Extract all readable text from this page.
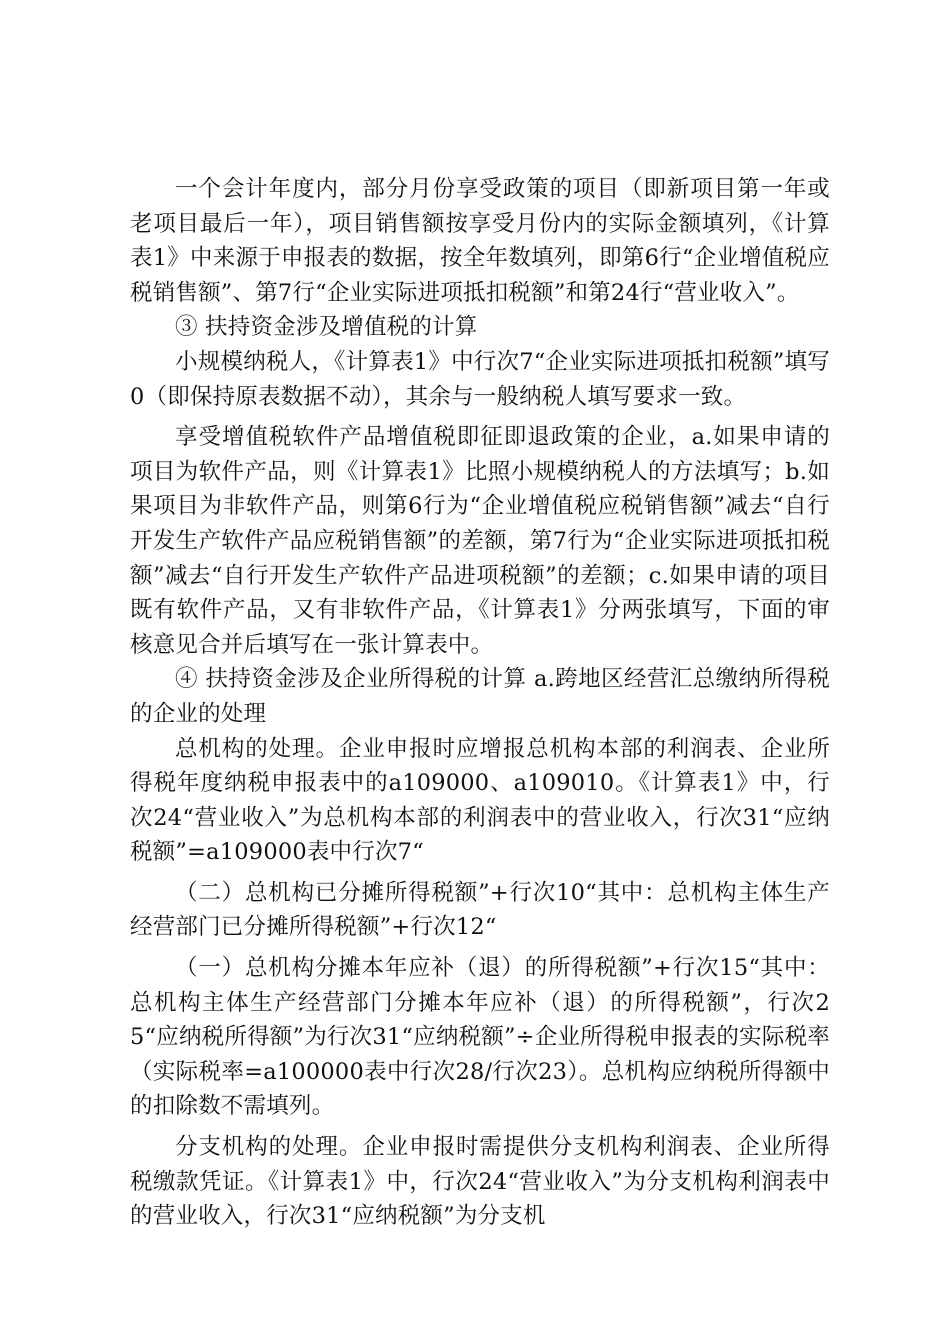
一个会计年度内，部分月份享受政策的项目（即新项目第一年或老项目最后一年），项目销售额按享受月份内的实际金额填列，《计算表1》中来源于申报表的数据，按全年数填列，即第6行“企业增值税应税销售额”、第7行“企业实际进项抵扣税额”和第24行“营业收入”。

③ 扶持资金涉及增值税的计算

小规模纳税人，《计算表1》中行次7“企业实际进项抵扣税额”填写0（即保持原表数据不动），其余与一般纳税人填写要求一致。

享受增值税软件产品增值税即征即退政策的企业，a.如果申请的项目为软件产品，则《计算表1》比照小规模纳税人的方法填写；b.如果项目为非软件产品，则第6行为“企业增值税应税销售额”减去“自行开发生产软件产品应税销售额”的差额，第7行为“企业实际进项抵扣税额”减去“自行开发生产软件产品进项税额”的差额；c.如果申请的项目既有软件产品，又有非软件产品，《计算表1》分两张填写，下面的审核意见合并后填写在一张计算表中。

④ 扶持资金涉及企业所得税的计算 a.跨地区经营汇总缴纳所得税的企业的处理

总机构的处理。企业申报时应增报总机构本部的利润表、企业所得税年度纳税申报表中的a109000、a109010。《计算表1》中，行次24“营业收入”为总机构本部的利润表中的营业收入，行次31“应纳税额”=a109000表中行次7“

（二）总机构已分摊所得税额”+行次10“其中：总机构主体生产经营部门已分摊所得税额”+行次12“

（一）总机构分摊本年应补（退）的所得税额”+行次15“其中：总机构主体生产经营部门分摊本年应补（退）的所得税额”，行次25“应纳税所得额”为行次31“应纳税额”÷企业所得税申报表的实际税率（实际税率=a100000表中行次28/行次23）。总机构应纳税所得额中的扣除数不需填列。

分支机构的处理。企业申报时需提供分支机构利润表、企业所得税缴款凭证。《计算表1》中，行次24“营业收入”为分支机构利润表中的营业收入，行次31“应纳税额”为分支机
